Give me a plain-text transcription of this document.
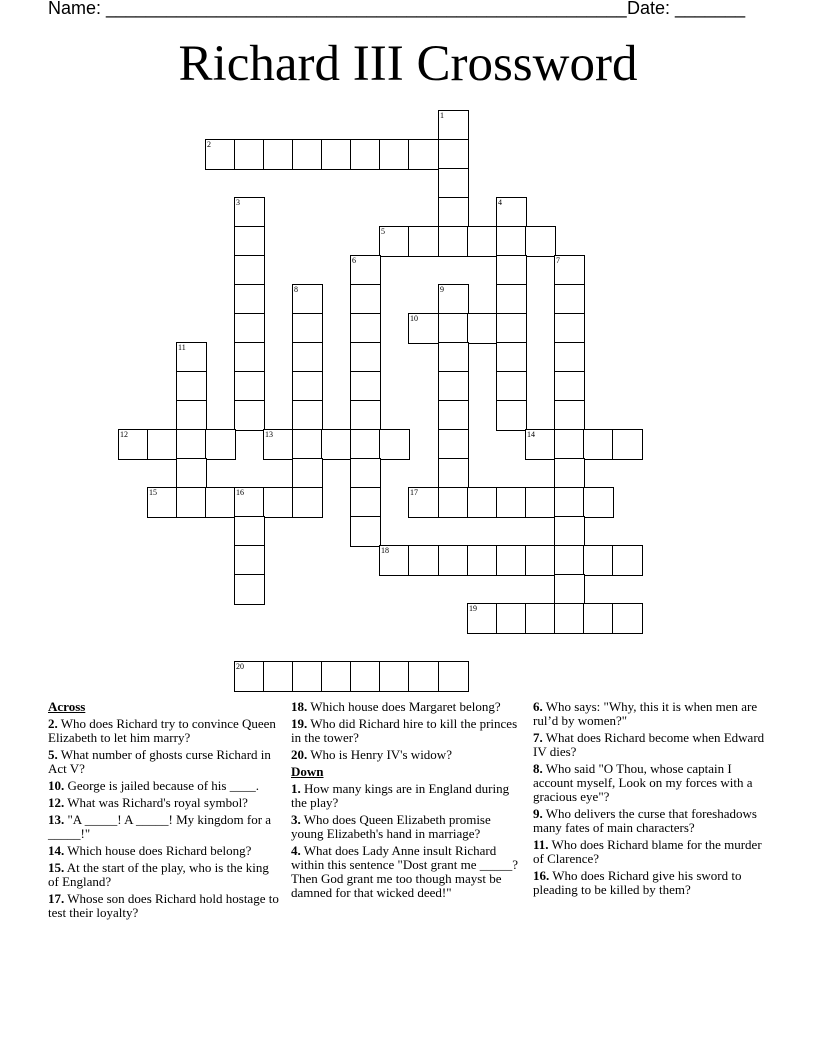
Name: ____________________________________________________ Date: _______
Richard III Crossword
1
2
3	4
5
6	7
8	9
10
11
12	13	14
15	16	17
18
19
20
Across
2. Who does Richard try to convince Queen Elizabeth to let him marry?
5. What number of ghosts curse Richard in Act V?
10. George is jailed because of his ____.
12. What was Richard's royal symbol?
13. "A _____! A _____! My kingdom for a _____!"
14. Which house does Richard belong?
15. At the start of the play, who is the king of England?
17. Whose son does Richard hold hostage to test their loyalty?
18. Which house does Margaret belong?
19. Who did Richard hire to kill the princes in the tower?
20. Who is Henry IV's widow?
Down
1. How many kings are in England during the play?
3. Who does Queen Elizabeth promise young Elizabeth's hand in marriage?
4. What does Lady Anne insult Richard within this sentence "Dost grant me _____? Then God grant me too though mayst be damned for that wicked deed!"
6. Who says: "Why, this it is when men are rul’d by women?"
7. What does Richard become when Edward IV dies?
8. Who said "O Thou, whose captain I account myself, Look on my forces with a gracious eye"?
9. Who delivers the curse that foreshadows many fates of main characters?
11. Who does Richard blame for the murder of Clarence?
16. Who does Richard give his sword to pleading to be killed by them?
